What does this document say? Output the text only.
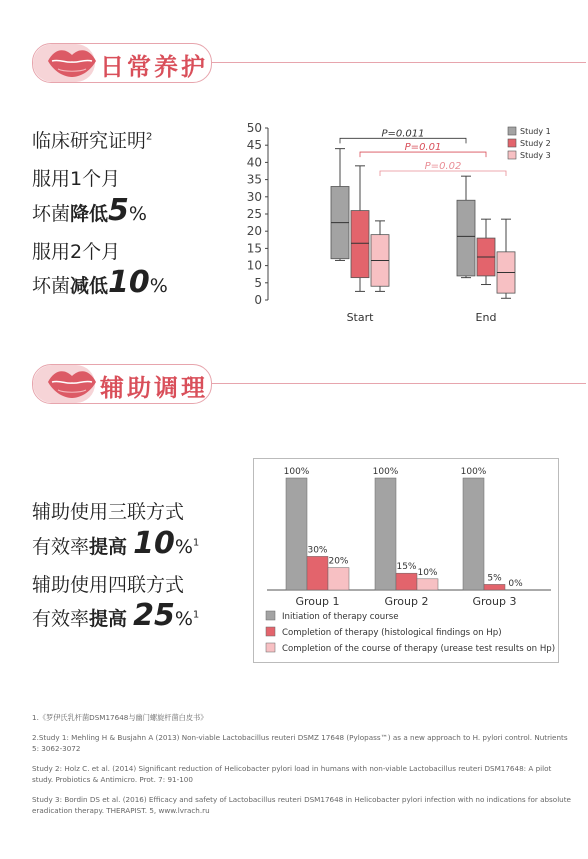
日常养护
临床研究证明$^2$
服用1个月
坏菌降低5%
服用2个月
坏菌减低10%
0
5
10
15
20
25
30
35
40
45
50
Start	End
P=0.011
P=0.01
P=0.02
Study 1
Study 2
Study 3
辅助调理
辅助使用三联方式
有效率提高 10%$^1$
辅助使用四联方式
有效率提高 25%$^1$
100%	100%	100%
30%
15%
5%
20%
10%
0%
Group 1	Group 2	Group 3
Initiation of therapy course
Completion of therapy (histological findings on Hp)
Completion of the course of therapy (urease test results on Hp)
1.《罗伊氏乳杆菌DSM17648与幽门螺旋杆菌白皮书》
2.Study 1: Mehling H & Busjahn A (2013) Non-viable Lactobacillus reuteri DSMZ 17648 (Pylopass™) as a new approach to H. pylori control. Nutrients 5: 3062-3072
Study 2: Holz C. et al. (2014) Significant reduction of Helicobacter pylori load in humans with non-viable Lactobacillus reuteri DSM17648: A pilot study. Probiotics & Antimicro. Prot. 7: 91-100
Study 3: Bordin DS et al. (2016) Efficacy and safety of Lactobacillus reuteri DSM17648 in Helicobacter pylori infection with no indications for absolute eradication therapy. THERAPIST. 5, www.lvrach.ru
